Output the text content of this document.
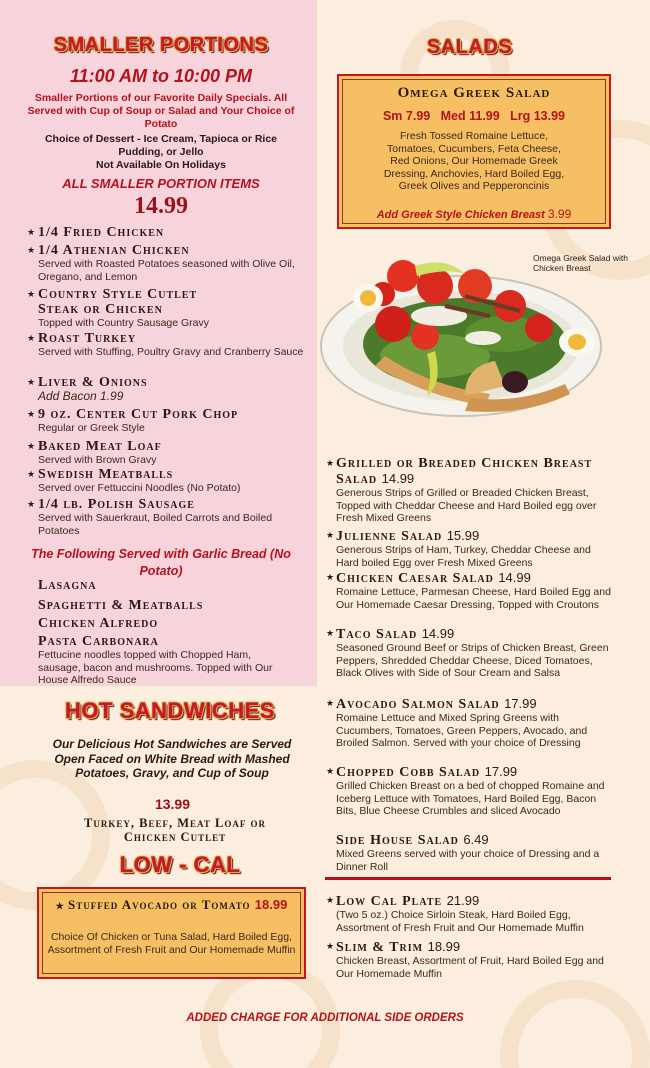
SMALLER PORTIONS
11:00 AM to 10:00 PM
Smaller Portions of our Favorite Daily Specials. All Served with Cup of Soup or Salad and Your Choice of Potato
Choice of Dessert - Ice Cream, Tapioca or Rice Pudding, or Jello
Not Available On Holidays
ALL SMALLER PORTION ITEMS
14.99
★ 1/4 Fried Chicken
★ 1/4 Athenian Chicken
Served with Roasted Potatoes seasoned with Olive Oil, Oregano, and Lemon
★ Country Style Cutlet Steak or Chicken
Topped with Country Sausage Gravy
★ Roast Turkey
Served with Stuffing, Poultry Gravy and Cranberry Sauce
★ Liver & Onions
Add Bacon 1.99
★ 9 oz. Center Cut Pork Chop
Regular or Greek Style
★ Baked Meat Loaf
Served with Brown Gravy
★ Swedish Meatballs
Served over Fettuccini Noodles (No Potato)
★ 1/4 lb. Polish Sausage
Served with Sauerkraut, Boiled Carrots and Boiled Potatoes
The Following Served with Garlic Bread (No Potato)
Lasagna
Spaghetti & Meatballs
Chicken Alfredo
Pasta Carbonara
Fettucine noodles topped with Chopped Ham, sausage, bacon and mushrooms. Topped with Our House Alfredo Sauce
HOT SANDWICHES
Our Delicious Hot Sandwiches are Served Open Faced on White Bread with Mashed Potatoes, Gravy, and Cup of Soup
13.99
Turkey, Beef, Meat Loaf or Chicken Cutlet
LOW - CAL
★ Stuffed Avocado or Tomato 18.99
Choice Of Chicken or Tuna Salad, Hard Boiled Egg, Assortment of Fresh Fruit and Our Homemade Muffin
ADDED CHARGE FOR ADDITIONAL SIDE ORDERS
SALADS
Omega Greek Salad
Sm 7.99   Med 11.99   Lrg 13.99
Fresh Tossed Romaine Lettuce, Tomatoes, Cucumbers, Feta Cheese, Red Onions, Our Homemade Greek Dressing, Anchovies, Hard Boiled Egg, Greek Olives and Pepperoncinis
Add Greek Style Chicken Breast 3.99
Omega Greek Salad with Chicken Breast
★ Grilled or Breaded Chicken Breast Salad 14.99
Generous Strips of Grilled or Breaded Chicken Breast, Topped with Cheddar Cheese and Hard Boiled egg over Fresh Mixed Greens
★ Julienne Salad 15.99
Generous Strips of Ham, Turkey, Cheddar Cheese and Hard boiled Egg over Fresh Mixed Greens
★ Chicken Caesar Salad 14.99
Romaine Lettuce, Parmesan Cheese, Hard Boiled Egg and Our Homemade Caesar Dressing, Topped with Croutons
★ Taco Salad 14.99
Seasoned Ground Beef or Strips of Chicken Breast, Green Peppers, Shredded Cheddar Cheese, Diced Tomatoes, Black Olives with Side of Sour Cream and Salsa
★ Avocado Salmon Salad 17.99
Romaine Lettuce and Mixed Spring Greens with Cucumbers, Tomatoes, Green Peppers, Avocado, and Broiled Salmon. Served with your choice of Dressing
★ Chopped Cobb Salad 17.99
Grilled Chicken Breast on a bed of chopped Romaine and Iceberg Lettuce with Tomatoes, Hard Boiled Egg, Bacon Bits, Blue Cheese Crumbles and sliced Avocado
Side House Salad 6.49
Mixed Greens served with your choice of Dressing and a Dinner Roll
★ Low Cal Plate 21.99
(Two 5 oz.) Choice Sirloin Steak, Hard Boiled Egg, Assortment of Fresh Fruit and Our Homemade Muffin
★ Slim & Trim 18.99
Chicken Breast, Assortment of Fruit, Hard Boiled Egg and Our Homemade Muffin
